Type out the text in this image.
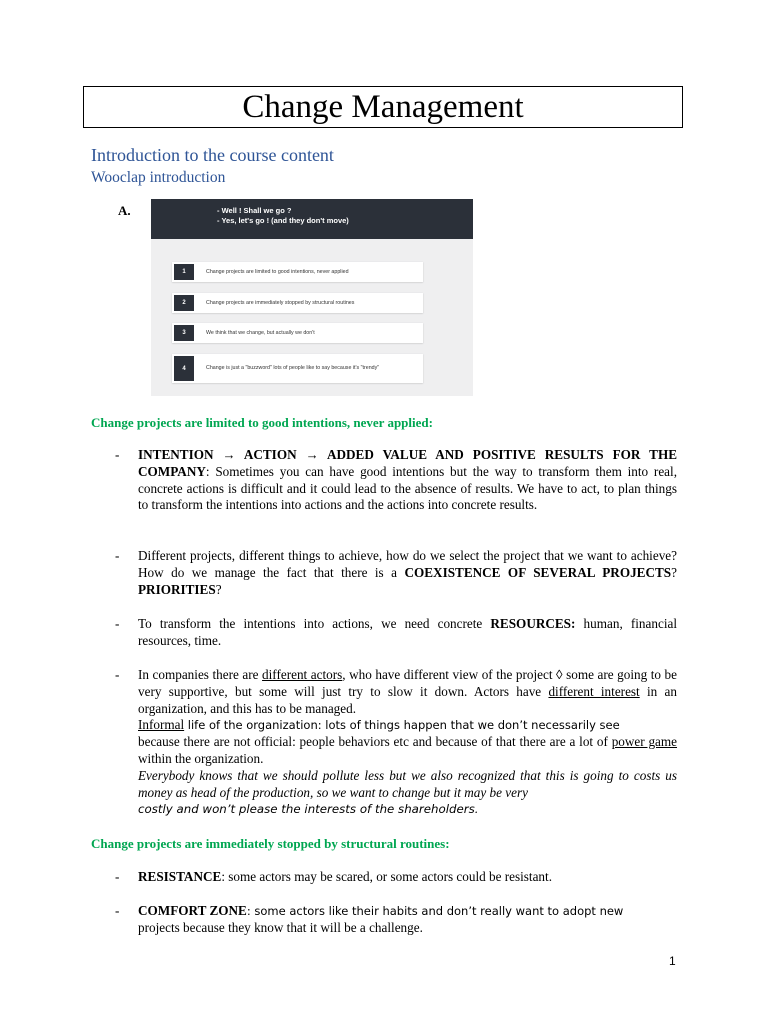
Change Management
Introduction to the course content
Wooclap introduction
A.	- Well ! Shall we go ?
- Yes, let's go ! (and they don't move)
1	Change projects are limited to good intentions, never applied
2	Change projects are immediately stopped by structural routines
3	We think that we change, but actually we don't
4	Change is just a "buzzword" lots of people like to say because it's "trendy"
Change projects are limited to good intentions, never applied:
- INTENTION → ACTION → ADDED VALUE AND POSITIVE RESULTS FOR THE COMPANY: Sometimes you can have good intentions but the way to transform them into real, concrete actions is difficult and it could lead to the absence of results. We have to act, to plan things to transform the intentions into actions and the actions into concrete results.
- Different projects, different things to achieve, how do we select the project that we want to achieve? How do we manage the fact that there is a COEXISTENCE OF SEVERAL PROJECTS? PRIORITIES?
- To transform the intentions into actions, we need concrete RESOURCES: human, financial resources, time.
- In companies there are different actors, who have different view of the project ◊ some are going to be very supportive, but some will just try to slow it down. Actors have different interest in an organization, and this has to be managed.
Informal life of the organization: lots of things happen that we don’t necessarily see
because there are not official: people behaviors etc and because of that there are a lot of power game within the organization.
Everybody knows that we should pollute less but we also recognized that this is going to costs us money as head of the production, so we want to change but it may be very
costly and won’t please the interests of the shareholders.
Change projects are immediately stopped by structural routines:
- RESISTANCE: some actors may be scared, or some actors could be resistant.
- COMFORT ZONE: some actors like their habits and don’t really want to adopt new
projects because they know that it will be a challenge.
1
